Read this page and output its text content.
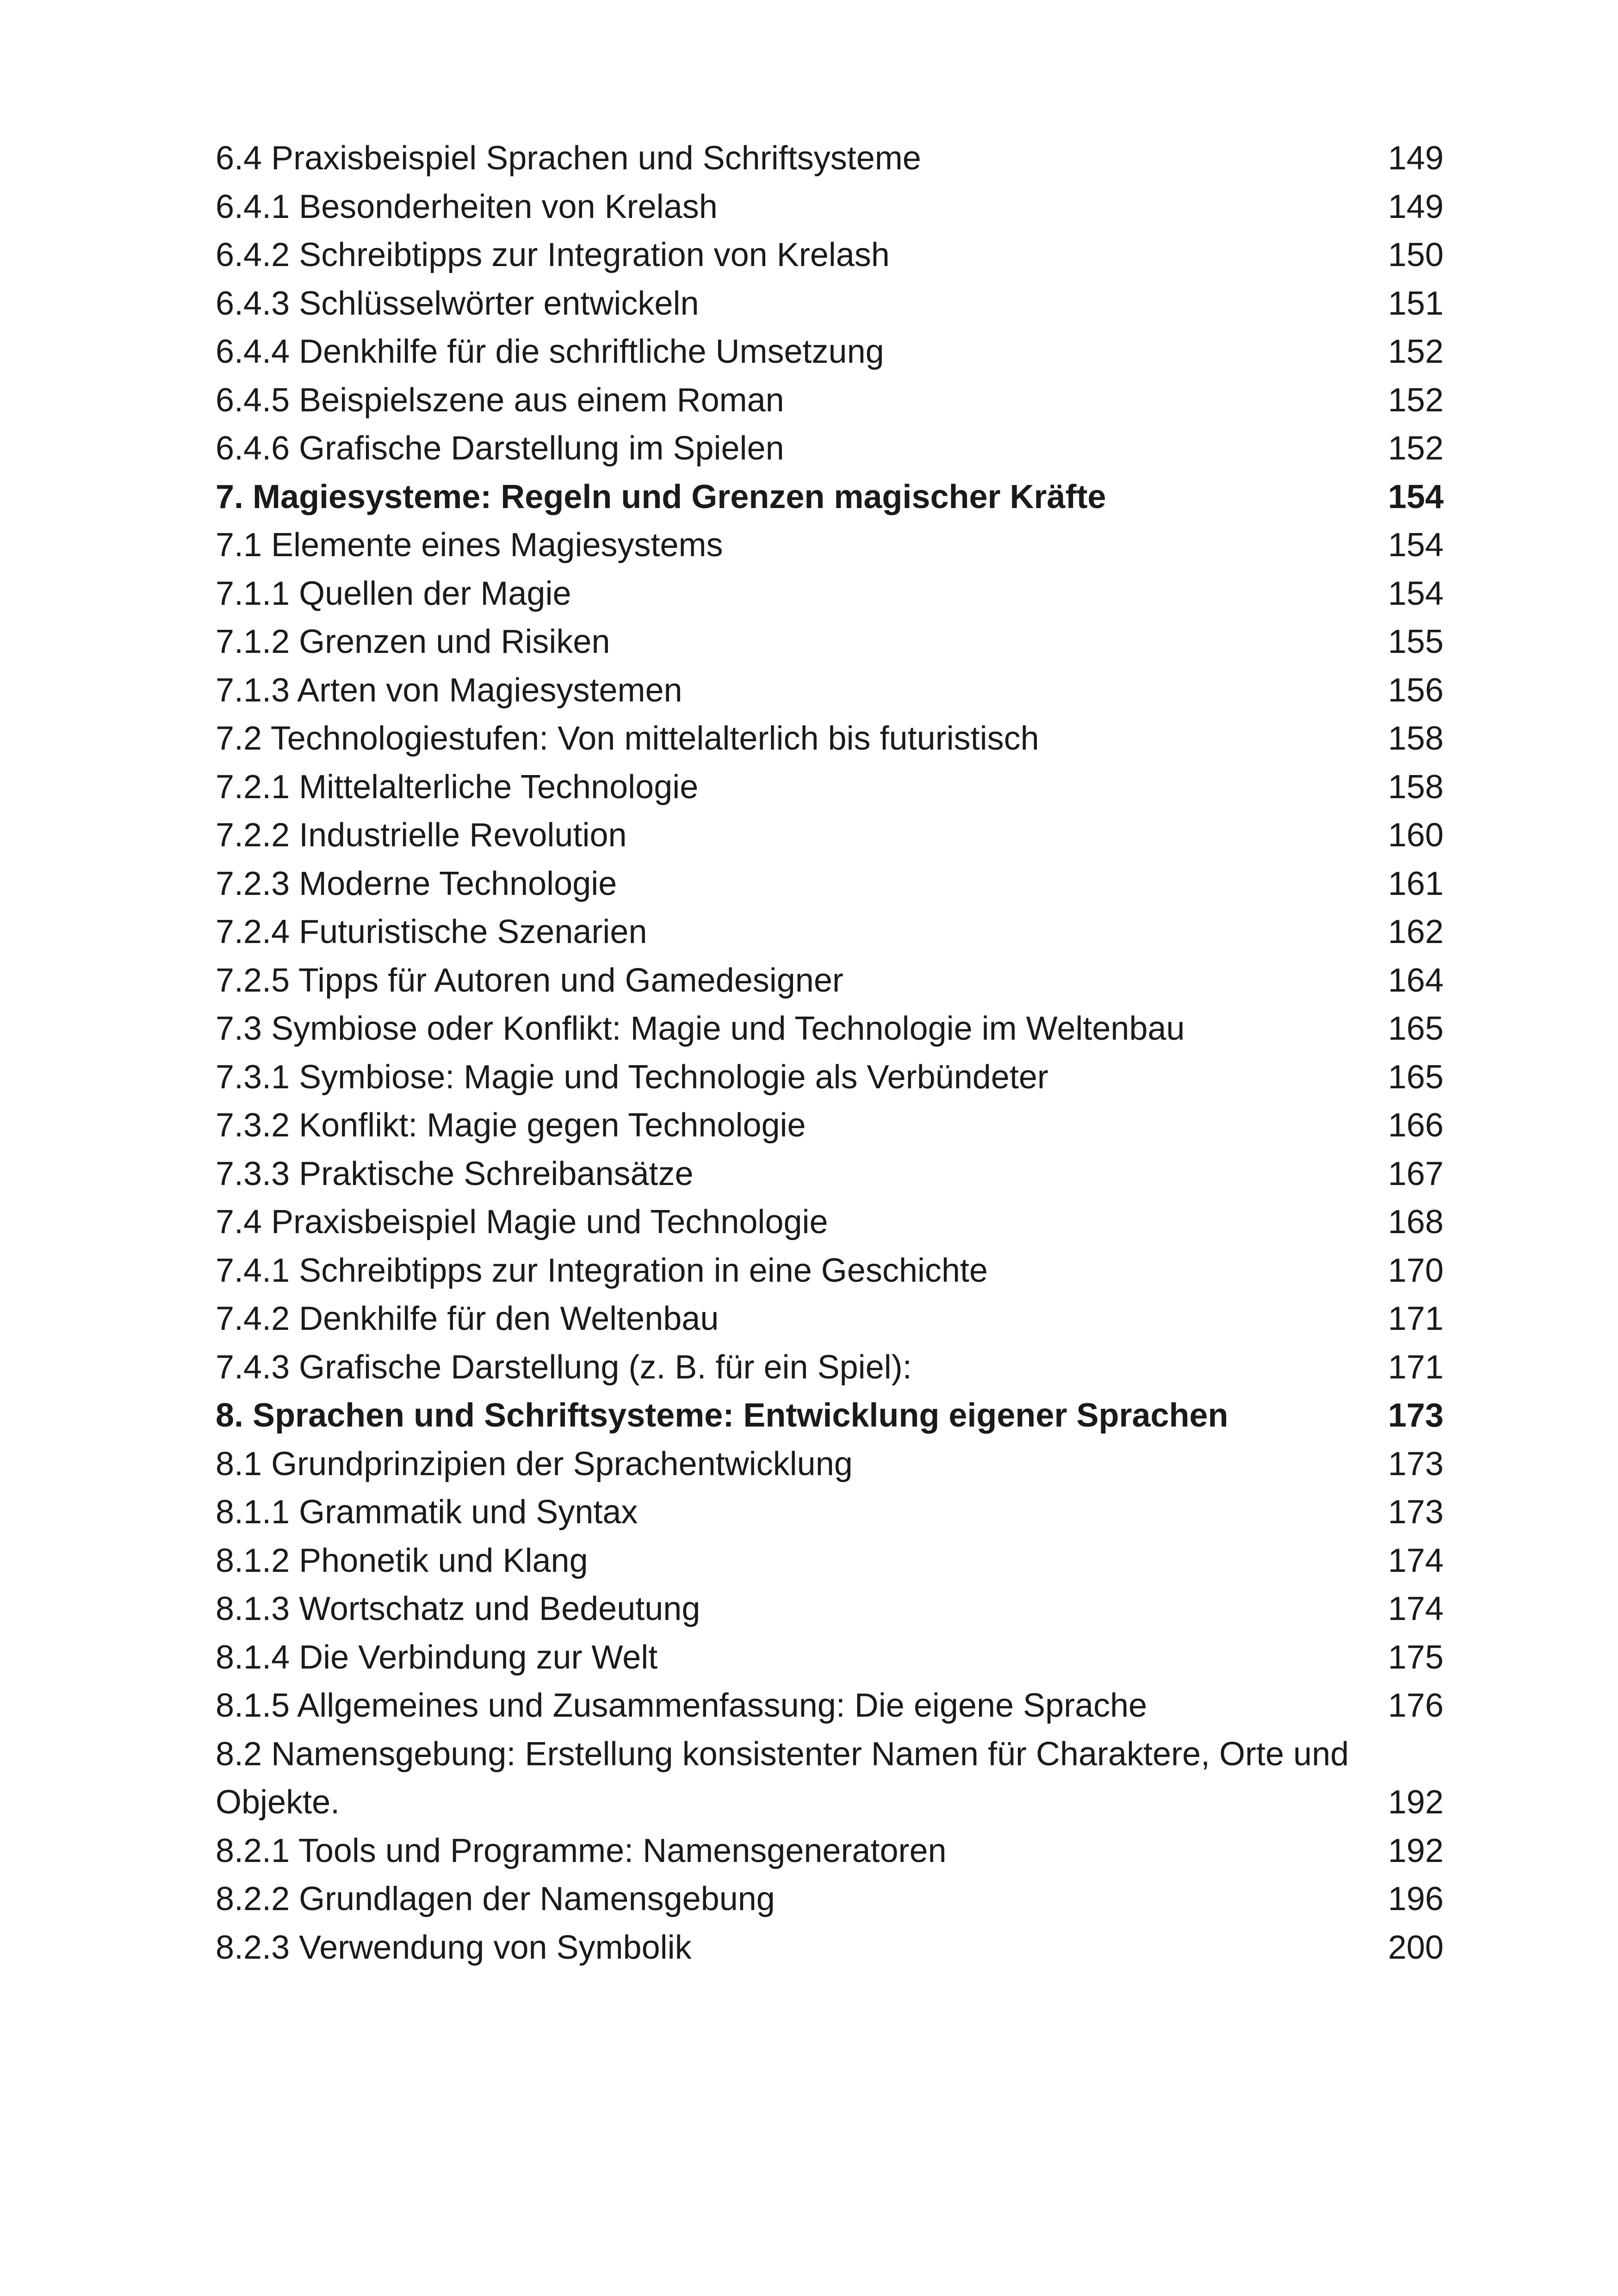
6.4 Praxisbeispiel Sprachen und Schriftsysteme	149
6.4.1 Besonderheiten von Krelash	149
6.4.2 Schreibtipps zur Integration von Krelash	150
6.4.3 Schlüsselwörter entwickeln	151
6.4.4 Denkhilfe für die schriftliche Umsetzung	152
6.4.5 Beispielszene aus einem Roman	152
6.4.6 Grafische Darstellung im Spielen	152
7. Magiesysteme: Regeln und Grenzen magischer Kräfte	154
7.1 Elemente eines Magiesystems	154
7.1.1 Quellen der Magie	154
7.1.2 Grenzen und Risiken	155
7.1.3 Arten von Magiesystemen	156
7.2 Technologiestufen: Von mittelalterlich bis futuristisch	158
7.2.1 Mittelalterliche Technologie	158
7.2.2 Industrielle Revolution	160
7.2.3 Moderne Technologie	161
7.2.4 Futuristische Szenarien	162
7.2.5 Tipps für Autoren und Gamedesigner	164
7.3 Symbiose oder Konflikt: Magie und Technologie im Weltenbau	165
7.3.1 Symbiose: Magie und Technologie als Verbündeter	165
7.3.2 Konflikt: Magie gegen Technologie	166
7.3.3 Praktische Schreibansätze	167
7.4 Praxisbeispiel Magie und Technologie	168
7.4.1 Schreibtipps zur Integration in eine Geschichte	170
7.4.2 Denkhilfe für den Weltenbau	171
7.4.3 Grafische Darstellung (z. B. für ein Spiel):	171
8. Sprachen und Schriftsysteme: Entwicklung eigener Sprachen	173
8.1 Grundprinzipien der Sprachentwicklung	173
8.1.1 Grammatik und Syntax	173
8.1.2 Phonetik und Klang	174
8.1.3 Wortschatz und Bedeutung	174
8.1.4 Die Verbindung zur Welt	175
8.1.5 Allgemeines und Zusammenfassung: Die eigene Sprache	176
8.2 Namensgebung: Erstellung konsistenter Namen für Charaktere, Orte und Objekte.	192
8.2.1 Tools und Programme: Namensgeneratoren	192
8.2.2 Grundlagen der Namensgebung	196
8.2.3 Verwendung von Symbolik	200
